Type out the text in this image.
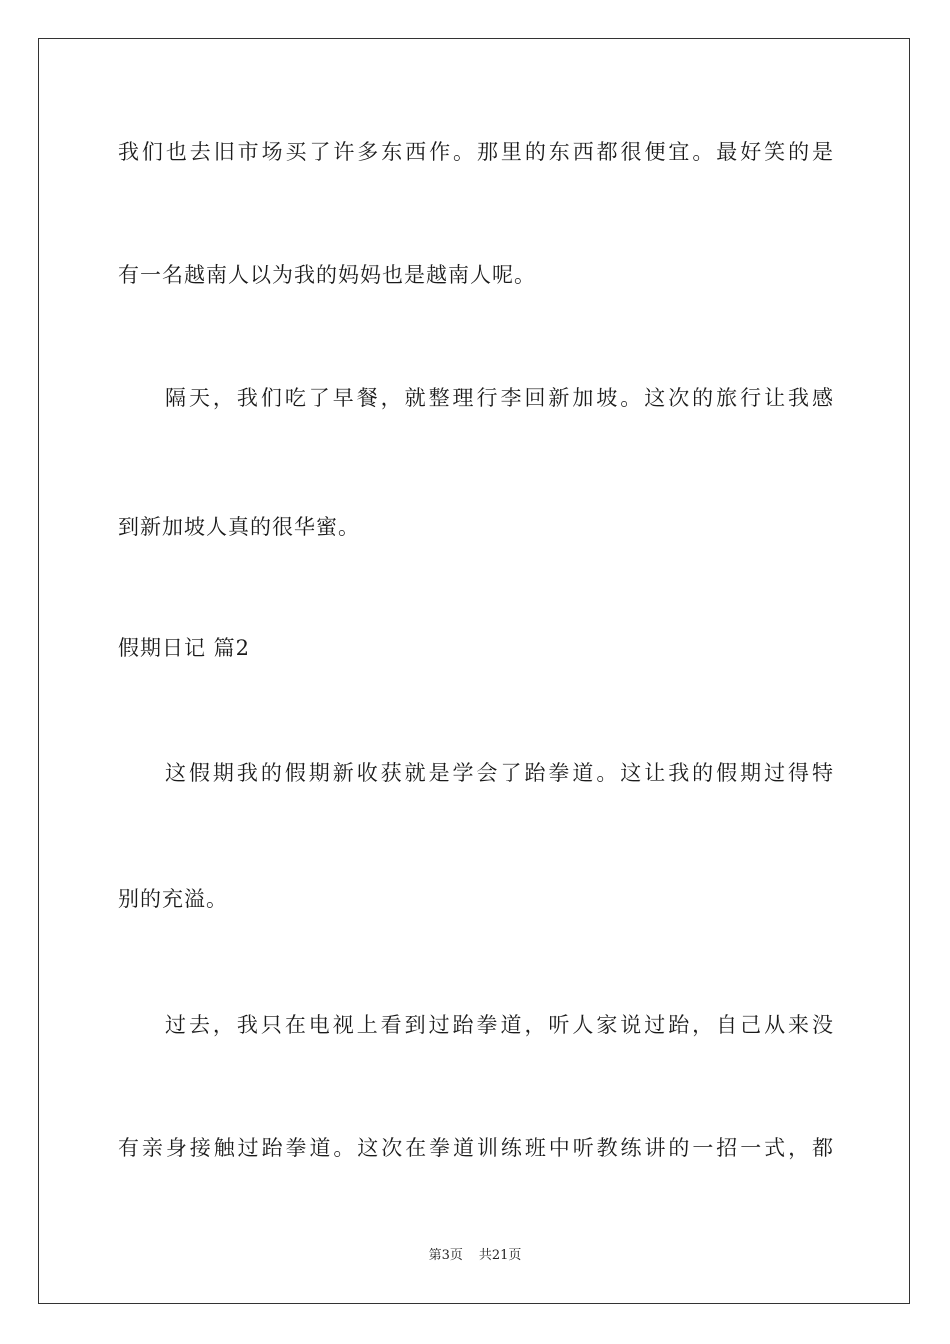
我们也去旧市场买了许多东西作。那里的东西都很便宜。最好笑的是
有一名越南人以为我的妈妈也是越南人呢。
隔天，我们吃了早餐，就整理行李回新加坡。这次的旅行让我感
到新加坡人真的很华蜜。
假期日记 篇2
这假期我的假期新收获就是学会了跆拳道。这让我的假期过得特
别的充溢。
过去，我只在电视上看到过跆拳道，听人家说过跆，自己从来没
有亲身接触过跆拳道。这次在拳道训练班中听教练讲的一招一式，都
第3页 共21页
